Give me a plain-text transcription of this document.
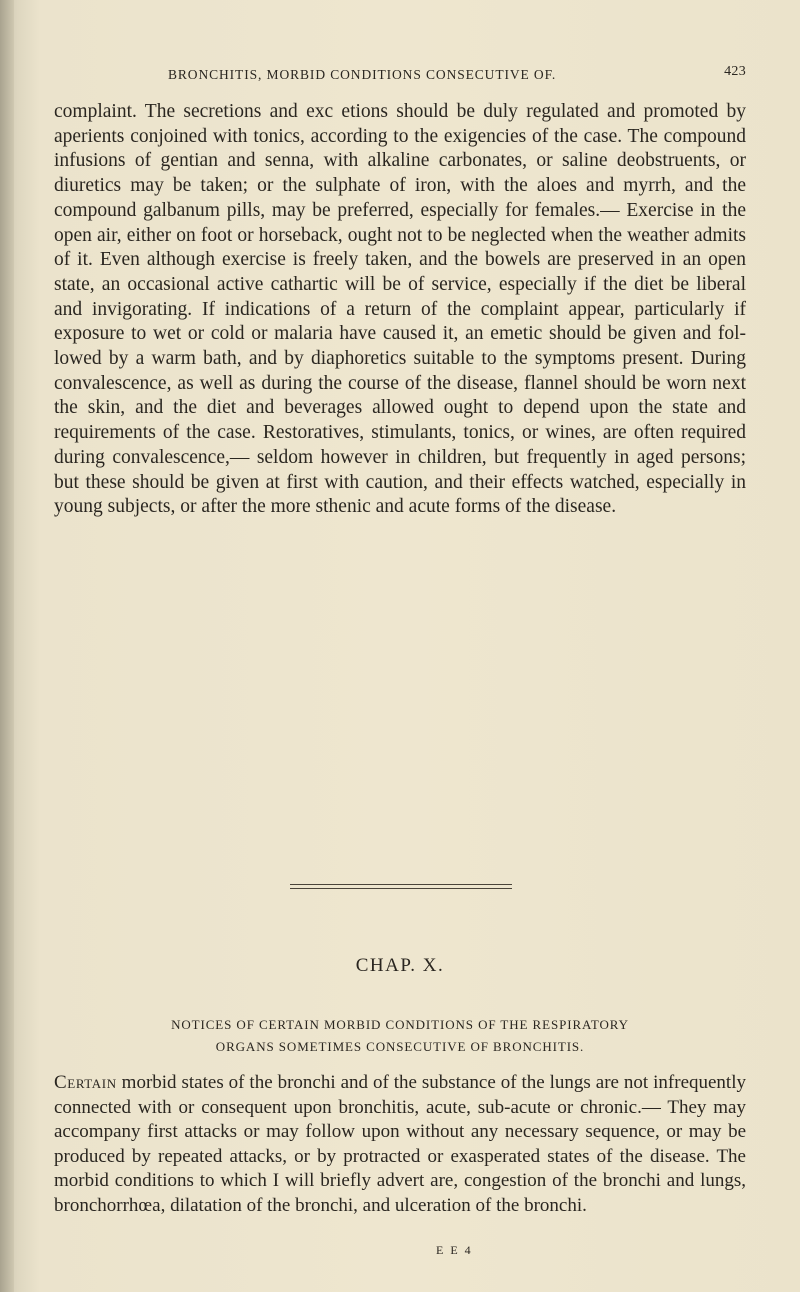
BRONCHITIS, MORBID CONDITIONS CONSECUTIVE OF.	423

complaint. The secretions and exc etions should be duly regulated and promoted by aperients conjoined with tonics, according to the exigencies of the case. The compound infusions of gentian and senna, with alkaline carbonates, or saline deobstruents, or diuretics may be taken; or the sulphate of iron, with the aloes and myrrh, and the compound galbanum pills, may be preferred, especially for females.— Exercise in the open air, either on foot or horseback, ought not to be neglected when the weather admits of it. Even although exercise is freely taken, and the bowels are preserved in an open state, an occasional active cathartic will be of service, especially if the diet be liberal and invigorating. If indications of a return of the complaint appear, particularly if exposure to wet or cold or malaria have caused it, an emetic should be given and followed by a warm bath, and by diaphoretics suitable to the symptoms present. During convalescence, as well as during the course of the disease, flannel should be worn next the skin, and the diet and beverages allowed ought to depend upon the state and requirements of the case. Restoratives, stimulants, tonics, or wines, are often required during convalescence,— seldom however in children, but frequently in aged persons; but these should be given at first with caution, and their effects watched, especially in young subjects, or after the more sthenic and acute forms of the disease.

CHAP. X.

NOTICES OF CERTAIN MORBID CONDITIONS OF THE RESPIRATORY
ORGANS SOMETIMES CONSECUTIVE OF BRONCHITIS.

Certain morbid states of the bronchi and of the substance of the lungs are not infrequently connected with or consequent upon bronchitis, acute, sub-acute or chronic.— They may accompany first attacks or may follow upon without any necessary sequence, or may be produced by repeated attacks, or by protracted or exasperated states of the disease. The morbid conditions to which I will briefly advert are, congestion of the bronchi and lungs, bronchorrhœa, dilatation of the bronchi, and ulceration of the bronchi.

E E 4
